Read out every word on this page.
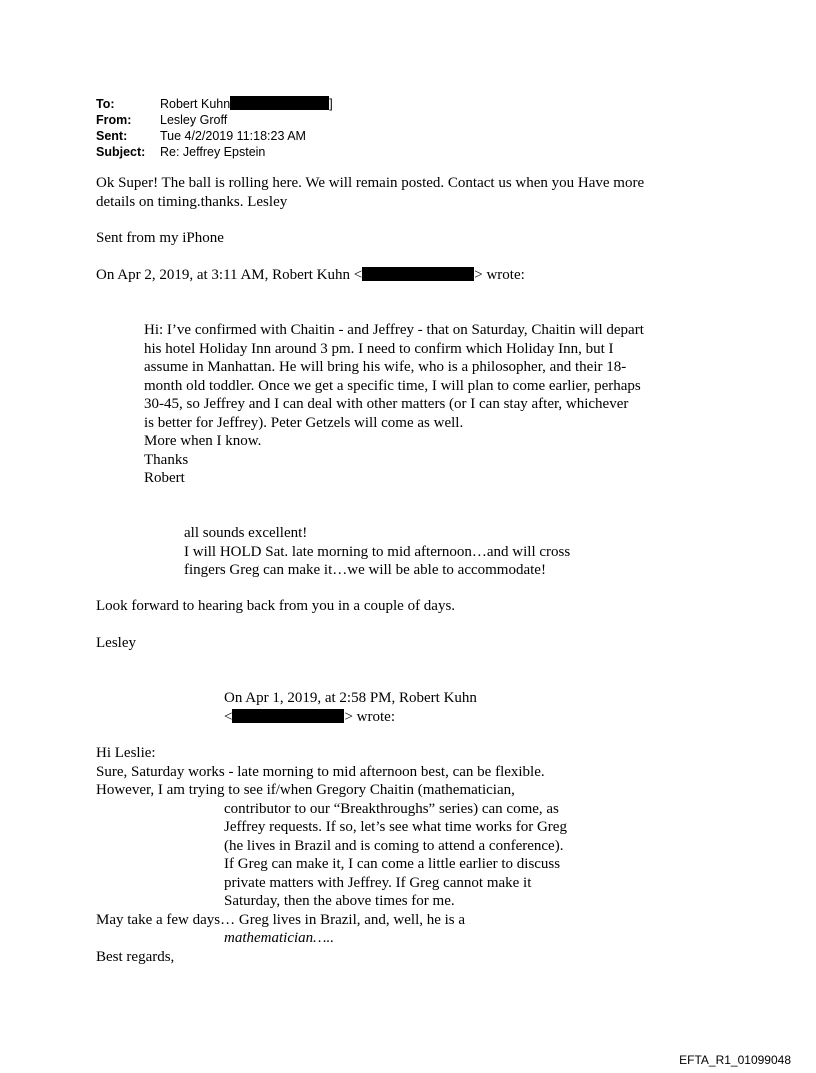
To:	Robert Kuhn	]
From:	Lesley Groff
Sent:	Tue 4/2/2019 11:18:23 AM
Subject:	Re: Jeffrey Epstein

Ok Super! The ball is rolling here. We will remain posted. Contact us when you Have more

details on timing.thanks. Lesley

Sent from my iPhone

On Apr 2, 2019, at 3:11 AM, Robert Kuhn <	> wrote:

Hi: I’ve confirmed with Chaitin - and Jeffrey - that on Saturday, Chaitin will depart

his hotel Holiday Inn around 3 pm. I need to confirm which Holiday Inn, but I

assume in Manhattan. He will bring his wife, who is a philosopher, and their 18-

month old toddler. Once we get a specific time, I will plan to come earlier, perhaps

30-45, so Jeffrey and I can deal with other matters (or I can stay after, whichever

is better for Jeffrey). Peter Getzels will come as well.

More when I know.

Thanks

Robert

all sounds excellent!

I will HOLD Sat. late morning to mid afternoon…and will cross

fingers Greg can make it…we will be able to accommodate!

Look forward to hearing back from you in a couple of days.

Lesley

On Apr 1, 2019, at 2:58 PM, Robert Kuhn

<	> wrote:

Hi Leslie:

Sure, Saturday works - late morning to mid afternoon best, can be flexible.

However, I am trying to see if/when Gregory Chaitin (mathematician,

contributor to our “Breakthroughs” series) can come, as

Jeffrey requests. If so, let’s see what time works for Greg

(he lives in Brazil and is coming to attend a conference).

If Greg can make it, I can come a little earlier to discuss

private matters with Jeffrey. If Greg cannot make it

Saturday, then the above times for me.

May take a few days… Greg lives in Brazil, and, well, he is a

mathematician…..

Best regards,

EFTA_R1_01099048
